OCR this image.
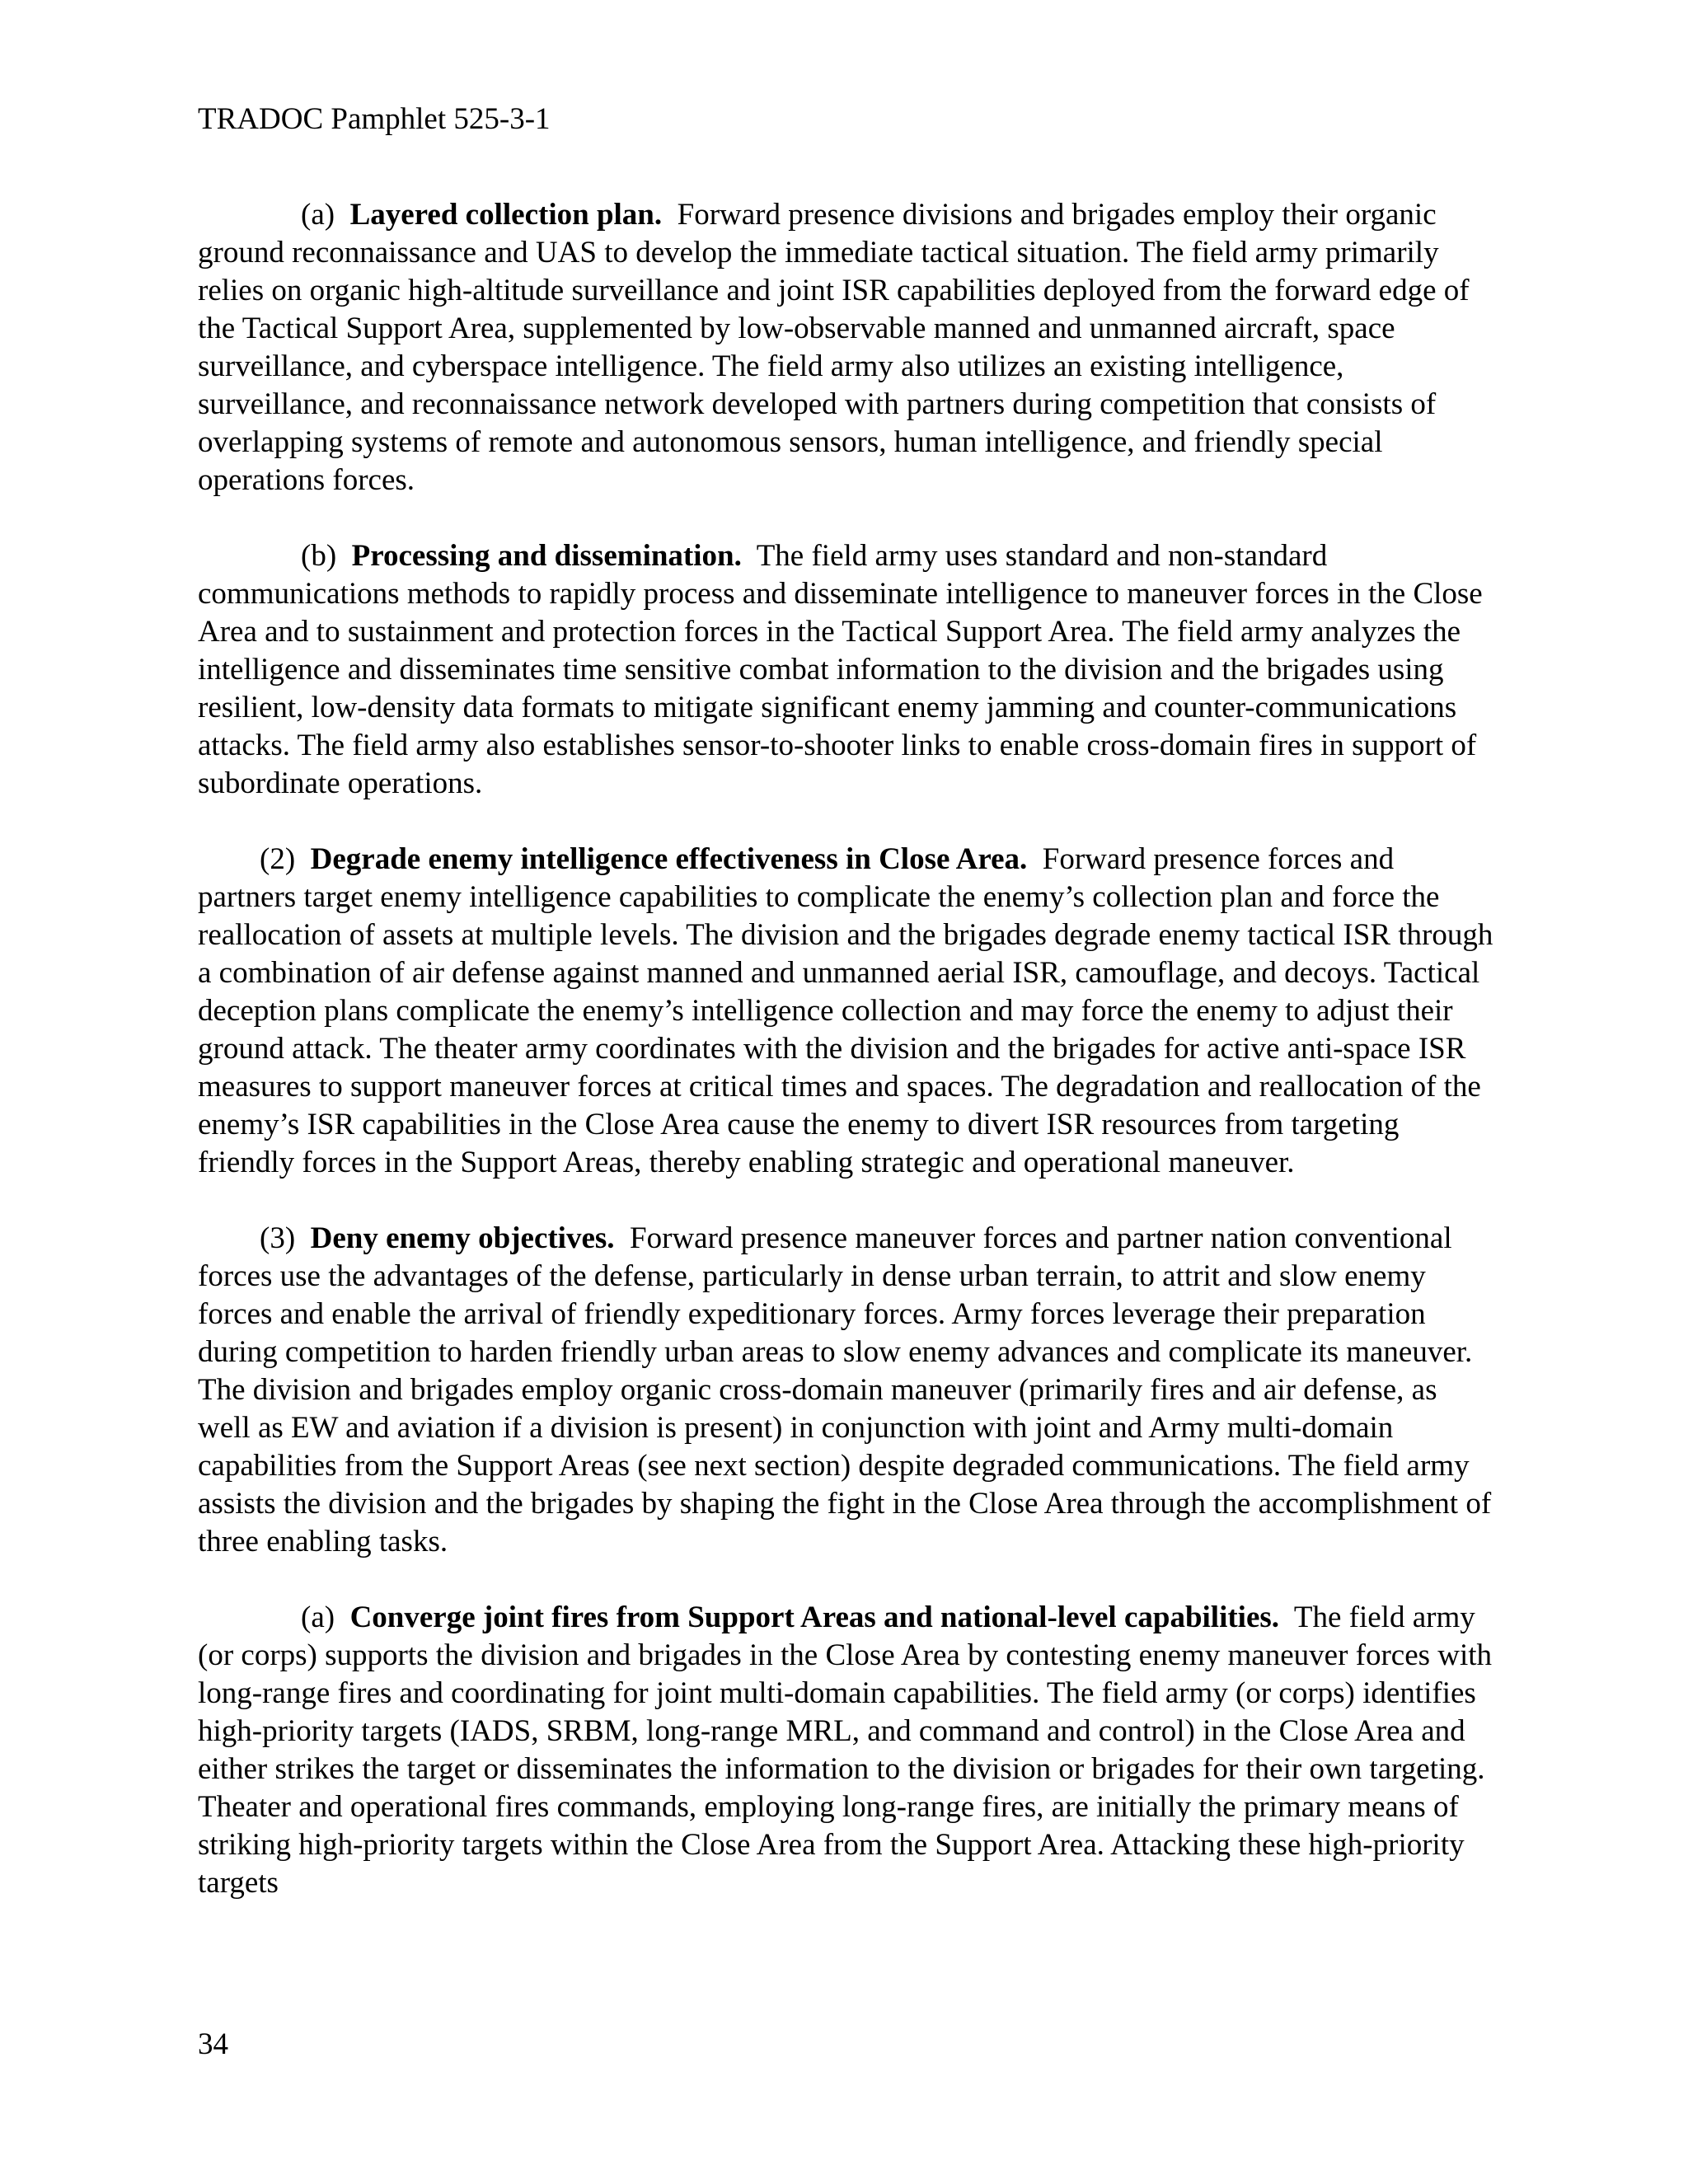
TRADOC Pamphlet 525-3-1

(a) Layered collection plan. Forward presence divisions and brigades employ their organic ground reconnaissance and UAS to develop the immediate tactical situation. The field army primarily relies on organic high-altitude surveillance and joint ISR capabilities deployed from the forward edge of the Tactical Support Area, supplemented by low-observable manned and unmanned aircraft, space surveillance, and cyberspace intelligence. The field army also utilizes an existing intelligence, surveillance, and reconnaissance network developed with partners during competition that consists of overlapping systems of remote and autonomous sensors, human intelligence, and friendly special operations forces.

(b) Processing and dissemination. The field army uses standard and non-standard communications methods to rapidly process and disseminate intelligence to maneuver forces in the Close Area and to sustainment and protection forces in the Tactical Support Area. The field army analyzes the intelligence and disseminates time sensitive combat information to the division and the brigades using resilient, low-density data formats to mitigate significant enemy jamming and counter-communications attacks. The field army also establishes sensor-to-shooter links to enable cross-domain fires in support of subordinate operations.

(2) Degrade enemy intelligence effectiveness in Close Area. Forward presence forces and partners target enemy intelligence capabilities to complicate the enemy’s collection plan and force the reallocation of assets at multiple levels. The division and the brigades degrade enemy tactical ISR through a combination of air defense against manned and unmanned aerial ISR, camouflage, and decoys. Tactical deception plans complicate the enemy’s intelligence collection and may force the enemy to adjust their ground attack. The theater army coordinates with the division and the brigades for active anti-space ISR measures to support maneuver forces at critical times and spaces. The degradation and reallocation of the enemy’s ISR capabilities in the Close Area cause the enemy to divert ISR resources from targeting friendly forces in the Support Areas, thereby enabling strategic and operational maneuver.

(3) Deny enemy objectives. Forward presence maneuver forces and partner nation conventional forces use the advantages of the defense, particularly in dense urban terrain, to attrit and slow enemy forces and enable the arrival of friendly expeditionary forces. Army forces leverage their preparation during competition to harden friendly urban areas to slow enemy advances and complicate its maneuver. The division and brigades employ organic cross-domain maneuver (primarily fires and air defense, as well as EW and aviation if a division is present) in conjunction with joint and Army multi-domain capabilities from the Support Areas (see next section) despite degraded communications. The field army assists the division and the brigades by shaping the fight in the Close Area through the accomplishment of three enabling tasks.

(a) Converge joint fires from Support Areas and national-level capabilities. The field army (or corps) supports the division and brigades in the Close Area by contesting enemy maneuver forces with long-range fires and coordinating for joint multi-domain capabilities. The field army (or corps) identifies high-priority targets (IADS, SRBM, long-range MRL, and command and control) in the Close Area and either strikes the target or disseminates the information to the division or brigades for their own targeting. Theater and operational fires commands, employing long-range fires, are initially the primary means of striking high-priority targets within the Close Area from the Support Area. Attacking these high-priority targets

34
